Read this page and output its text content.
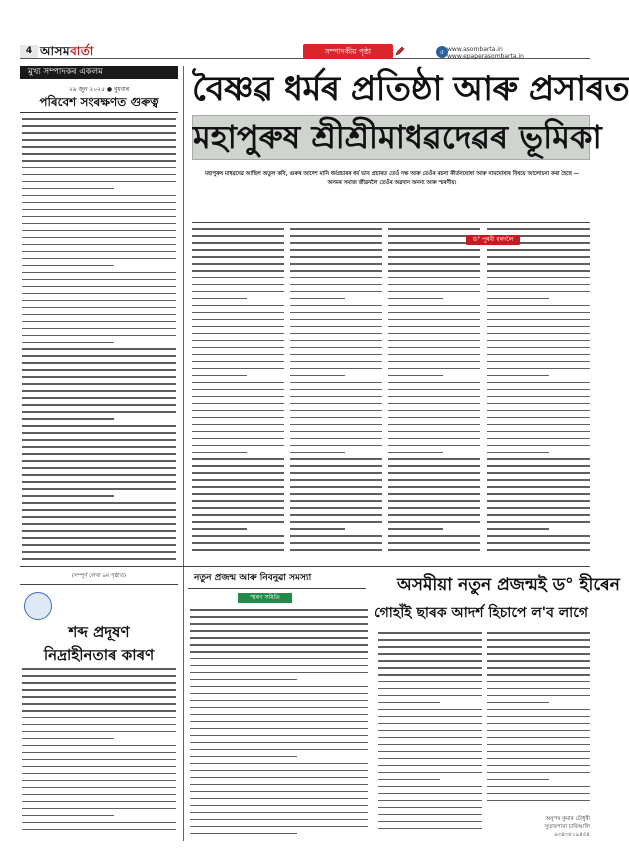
4 আসমবাৰ্তা	সম্পাদকীয় পৃষ্ঠা	৫ www.asombarta.in
www.epaperasombarta.in
মুখ্য সম্পাদকৰ একলম
২৯ জুন ২০২৫ ● বুধবাৰ
পৰিবেশ সংৰক্ষণত গুৰুত্ব
(সম্পূৰ্ণ লেখা ৯ম পৃষ্ঠাত)
বৈষ্ণৱ ধৰ্মৰ প্ৰতিষ্ঠা আৰু প্ৰসাৰত
মহাপুৰুষ শ্ৰীশ্ৰীমাধৱদেৱৰ ভূমিকা
মহাপুৰুষ মাধৱদেৱ আছিল অতুল কবি, গুৰুৰ আদেশ মানি ধৰ্মপ্ৰচাৰৰ ধৰ্ম ভাব প্ৰচাৰত তেওঁ দক্ষ আৰু তেওঁৰ ৰচনা কীৰ্তনঘোষা আৰু নামঘোষাৰ বিষয়ে আলোচনা কৰা হৈছে — অসমৰ সমাজ জীৱনলৈ তেওঁৰ অৱদান অনন্য আৰু স্মৰণীয়।
ড° পূৰবী বৰদলৈ
নতুন প্ৰজন্ম আৰু নিবনুৱা সমস্যা
স্মৰণ সমিতি
অসমীয়া নতুন প্ৰজন্মই ড° হীৰেন
গোহাঁই ছাৰক আদৰ্শ হিচাপে ল'ব লাগে
অনুপম কুমাৰ চৌধুৰী
সুতাৰপাৰা চাৰিআলি
৯৩৪৩৮১৯৪৫৪
শব্দ প্ৰদূষণ
নিদ্ৰাহীনতাৰ কাৰণ
